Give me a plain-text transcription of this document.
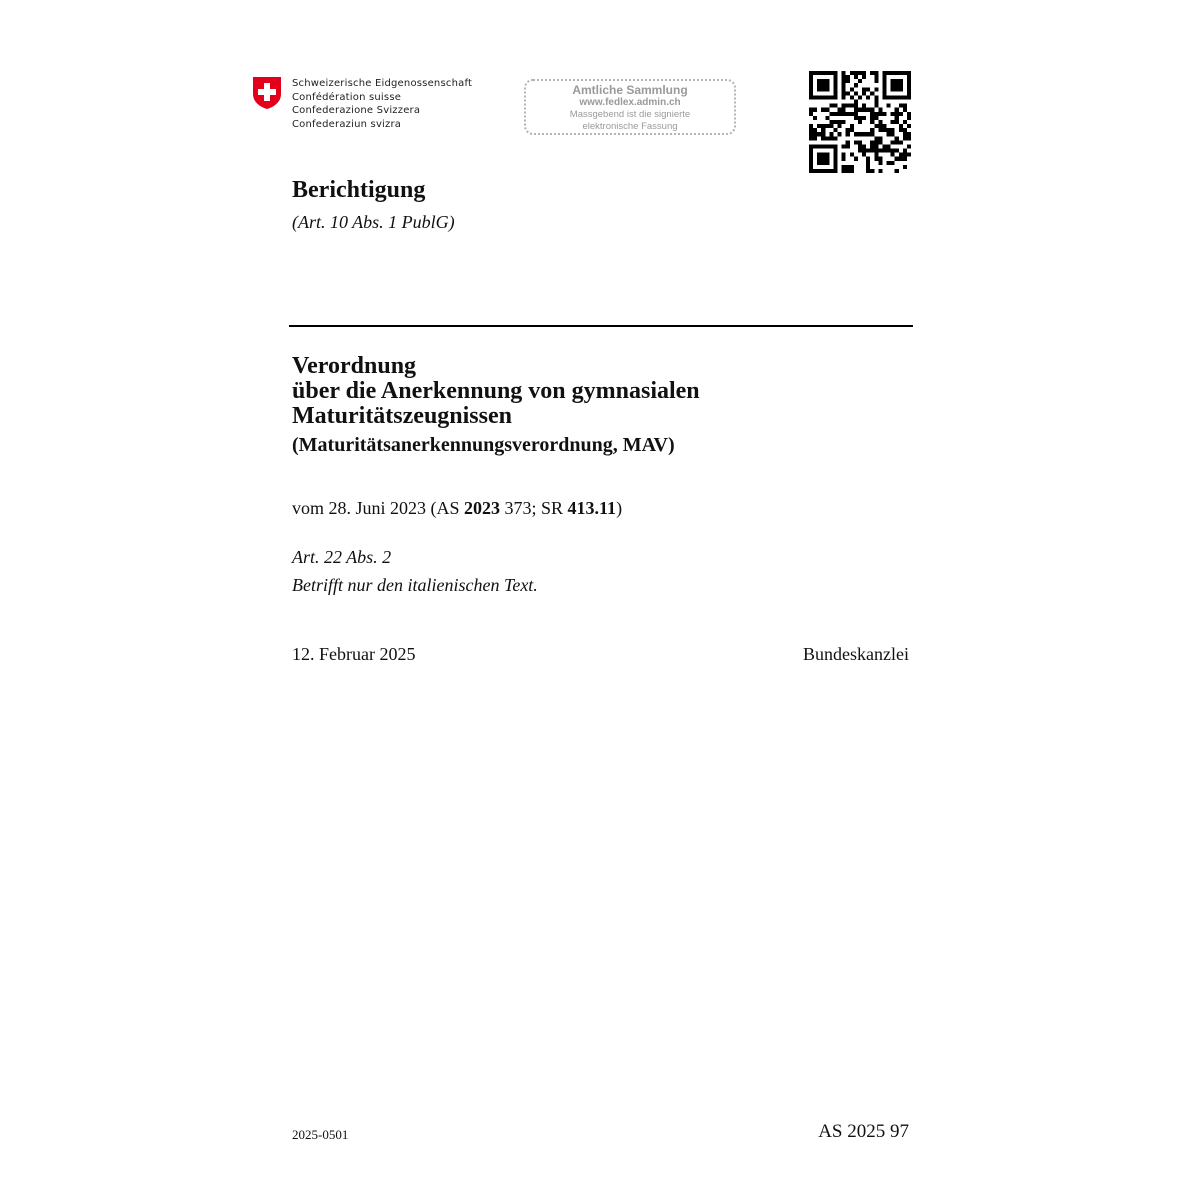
Schweizerische Eidgenossenschaft
Confédération suisse
Confederazione Svizzera
Confederaziun svizra
Amtliche Sammlung
www.fedlex.admin.ch
Massgebend ist die signierte
elektronische Fassung
Berichtigung
(Art. 10 Abs. 1 PublG)
Verordnung
über die Anerkennung von gymnasialen
Maturitätszeugnissen
(Maturitätsanerkennungsverordnung, MAV)
vom 28. Juni 2023 (AS 2023 373; SR 413.11)
Art. 22 Abs. 2
Betrifft nur den italienischen Text.
12. Februar 2025	Bundeskanzlei
2025-0501	AS 2025 97
